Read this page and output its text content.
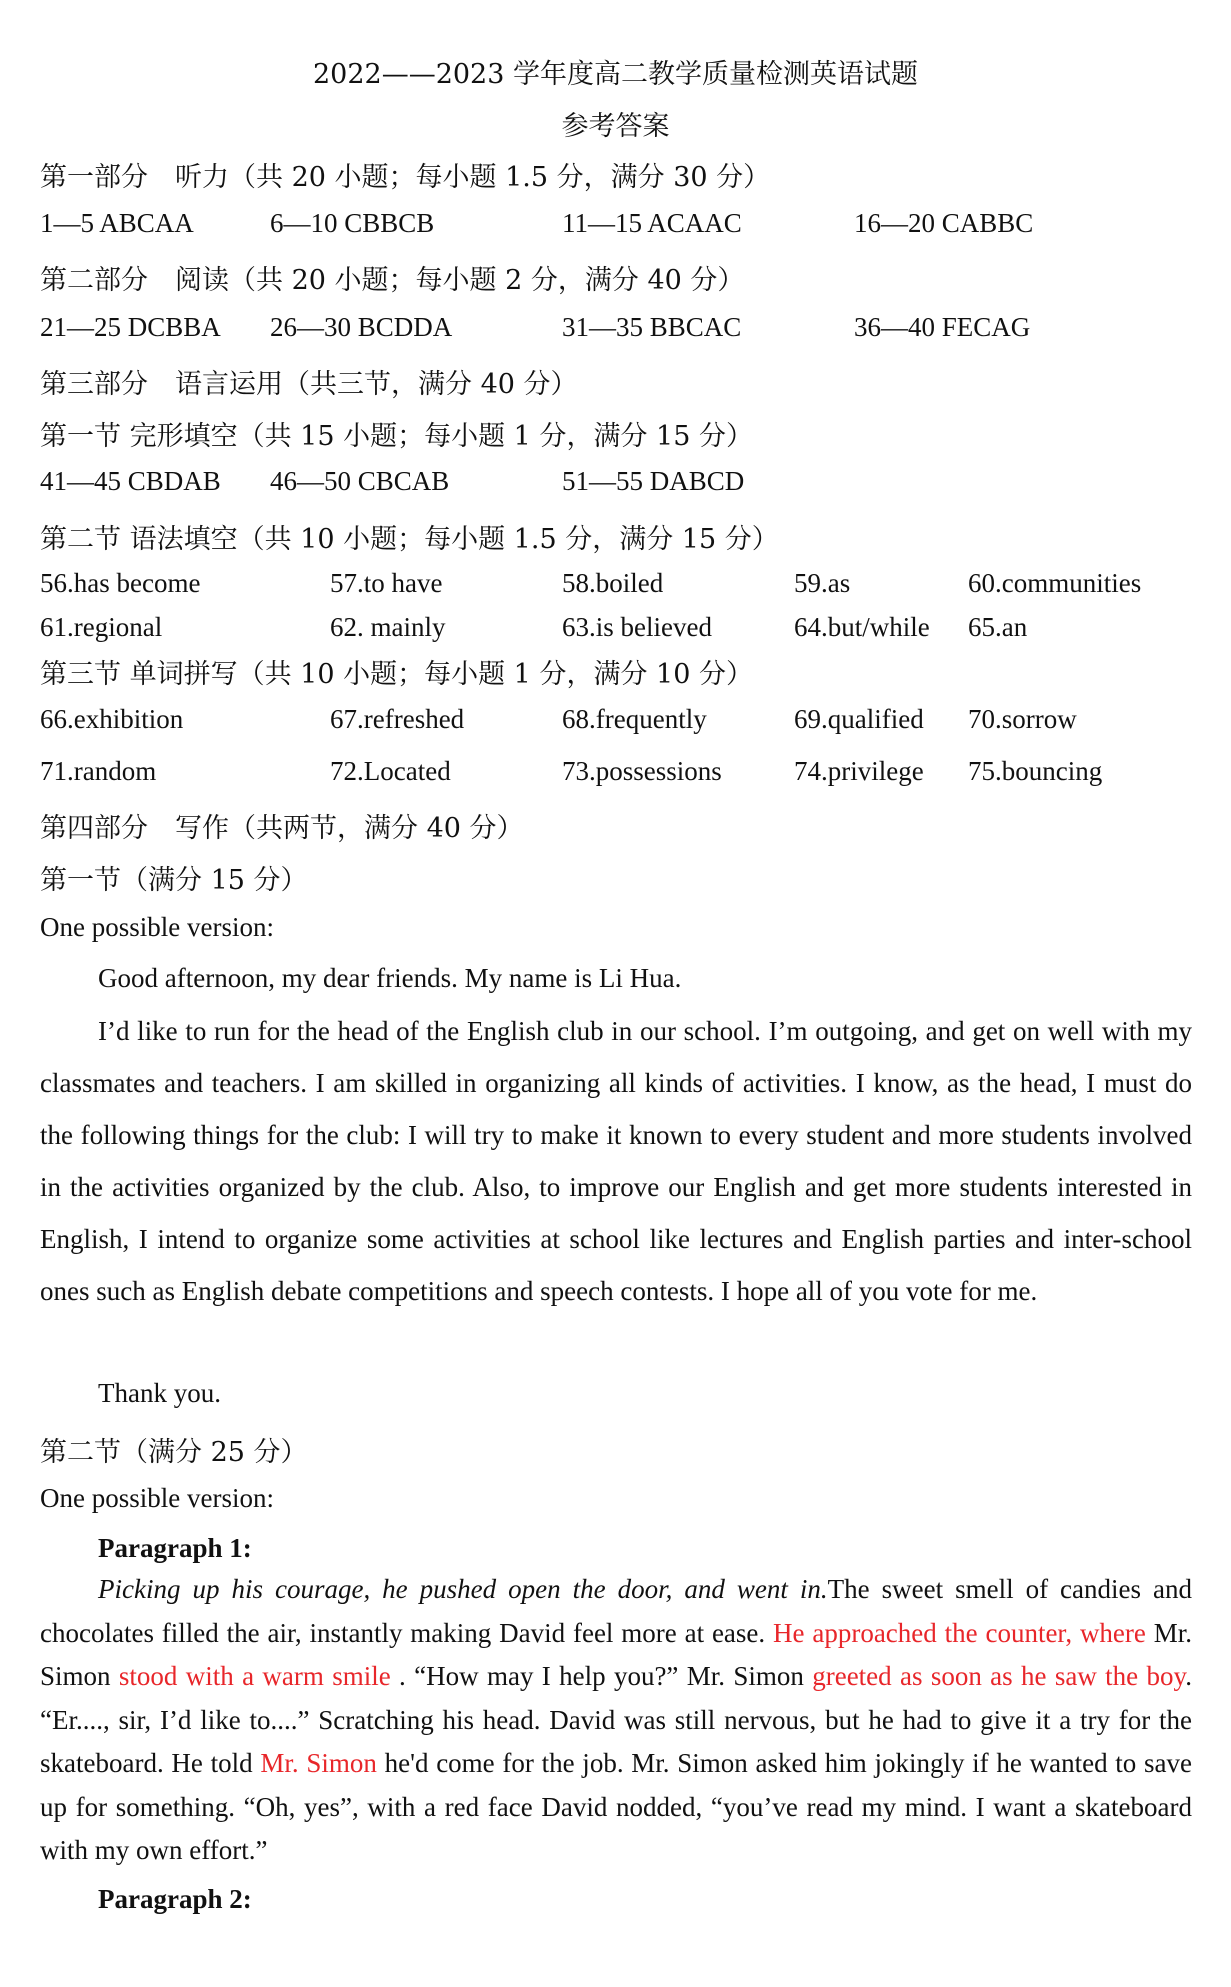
2022——2023 学年度高二教学质量检测英语试题
参考答案
第一部分　听力（共 20 小题；每小题 1.5 分，满分 30 分）
1—5 ABCAA	6—10 CBBCB	11—15 ACAAC	16—20 CABBC
第二部分　阅读（共 20 小题；每小题 2 分，满分 40 分）
21—25 DCBBA 26—30 BCDDA	31—35 BBCAC	36—40 FECAG
第三部分　语言运用（共三节，满分 40 分）
第一节 完形填空（共 15 小题；每小题 1 分，满分 15 分）
41—45 CBDAB 46—50 CBCAB	51—55 DABCD
第二节 语法填空（共 10 小题；每小题 1.5 分，满分 15 分）
56.has become	57.to have	58.boiled	59.as	60.communities
61.regional	62. mainly	63.is believed	64.but/while 65.an
第三节 单词拼写（共 10 小题；每小题 1 分，满分 10 分）
66.exhibition	67.refreshed	68.frequently	69.qualified 70.sorrow
71.random	72.Located	73.possessions	74.privilege 75.bouncing
第四部分　写作（共两节，满分 40 分）
第一节（满分 15 分）
One possible version:
Good afternoon, my dear friends. My name is Li Hua.
I’d like to run for the head of the English club in our school. I’m outgoing, and get on well with my classmates and teachers. I am skilled in organizing all kinds of activities. I know, as the head, I must do the following things for the club: I will try to make it known to every student and more students involved in the activities organized by the club. Also, to improve our English and get more students interested in English, I intend to organize some activities at school like lectures and English parties and inter-school ones such as English debate competitions and speech contests. I hope all of you vote for me.
Thank you.
第二节（满分 25 分）
One possible version:
Paragraph 1:
Picking up his courage, he pushed open the door, and went in.The sweet smell of candies and chocolates filled the air, instantly making David feel more at ease. He approached the counter, where Mr. Simon stood with a warm smile . “How may I help you?” Mr. Simon greeted as soon as he saw the boy. “Er...., sir, I’d like to....” Scratching his head. David was still nervous, but he had to give it a try for the skateboard. He told Mr. Simon he'd come for the job. Mr. Simon asked him jokingly if he wanted to save up for something. “Oh, yes”, with a red face David nodded, “you’ve read my mind. I want a skateboard with my own effort.”
Paragraph 2:
